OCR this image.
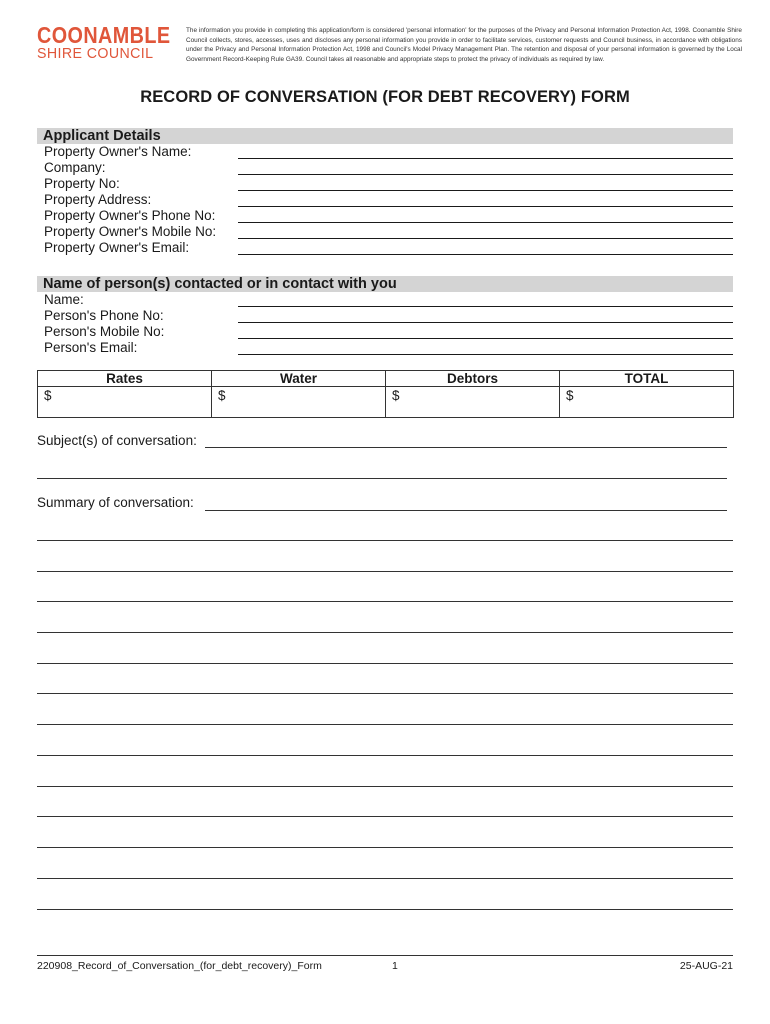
COONAMBLE
SHIRE COUNCIL
The information you provide in completing this application/form is considered 'personal information' for the purposes of the Privacy and Personal Information Protection Act, 1998. Coonamble Shire Council collects, stores, accesses, uses and discloses any personal information you provide in order to facilitate services, customer requests and Council business, in accordance with obligations under the Privacy and Personal Information Protection Act, 1998 and Council's Model Privacy Management Plan. The retention and disposal of your personal information is governed by the Local Government Record-Keeping Rule GA39. Council takes all reasonable and appropriate steps to protect the privacy of individuals as required by law.
RECORD OF CONVERSATION (FOR DEBT RECOVERY) FORM
Applicant Details
Property Owner's Name:
Company:
Property No:
Property Address:
Property Owner's Phone No:
Property Owner's Mobile No:
Property Owner's Email:
Name of person(s) contacted or in contact with you
Name:
Person's Phone No:
Person's Mobile No:
Person's Email:
Rates	Water	Debtors	TOTAL
$	$	$	$
Subject(s) of conversation:
Summary of conversation:
220908_Record_of_Conversation_(for_debt_recovery)_Form	1	25-AUG-21
